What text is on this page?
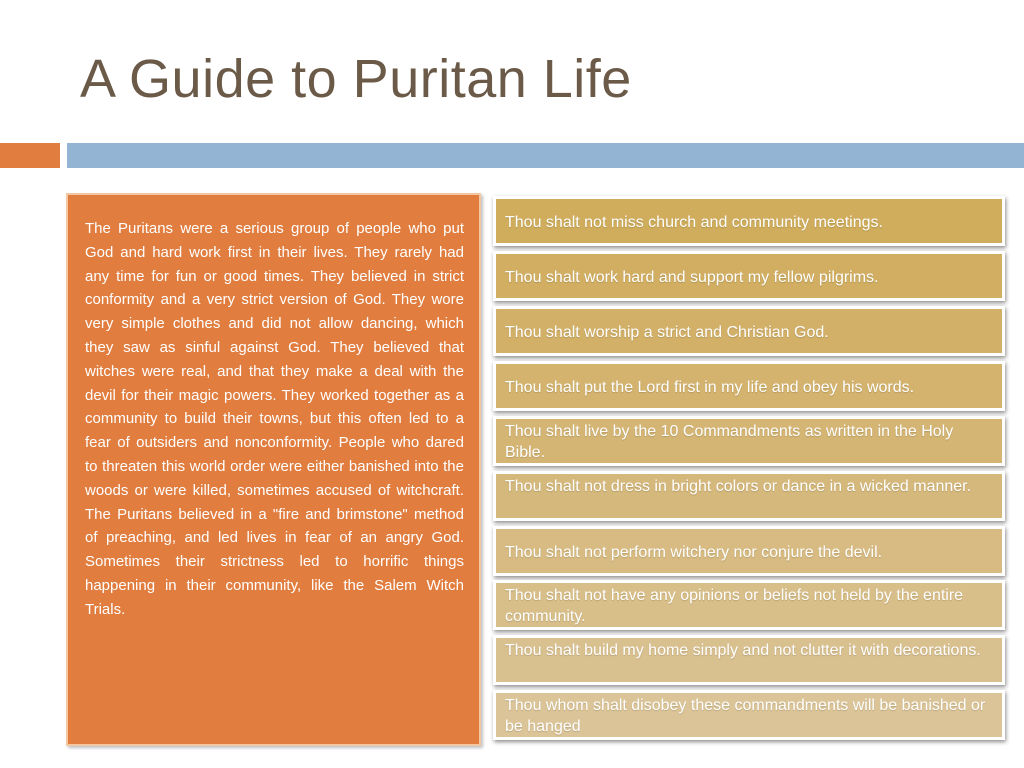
A Guide to Puritan Life

The Puritans were a serious group of people who put God and hard work first in their lives. They rarely had any time for fun or good times. They believed in strict conformity and a very strict version of God. They wore very simple clothes and did not allow dancing, which they saw as sinful against God. They believed that witches were real, and that they make a deal with the devil for their magic powers. They worked together as a community to build their towns, but this often led to a fear of outsiders and nonconformity. People who dared to threaten this world order were either banished into the woods or were killed, sometimes accused of witchcraft. The Puritans believed in a "fire and brimstone" method of preaching, and led lives in fear of an angry God. Sometimes their strictness led to horrific things happening in their community, like the Salem Witch Trials.

Thou shalt not miss church and community meetings.
Thou shalt work hard and support my fellow pilgrims.
Thou shalt worship a strict and Christian God.
Thou shalt put the Lord first in my life and obey his words.
Thou shalt live by the 10 Commandments as written in the Holy Bible.
Thou shalt not dress in bright colors or dance in a wicked manner.
Thou shalt not perform witchery nor conjure the devil.
Thou shalt not have any opinions or beliefs not held by the entire community.
Thou shalt build my home simply and not clutter it with decorations.
Thou whom shalt disobey these commandments will be banished or be hanged
